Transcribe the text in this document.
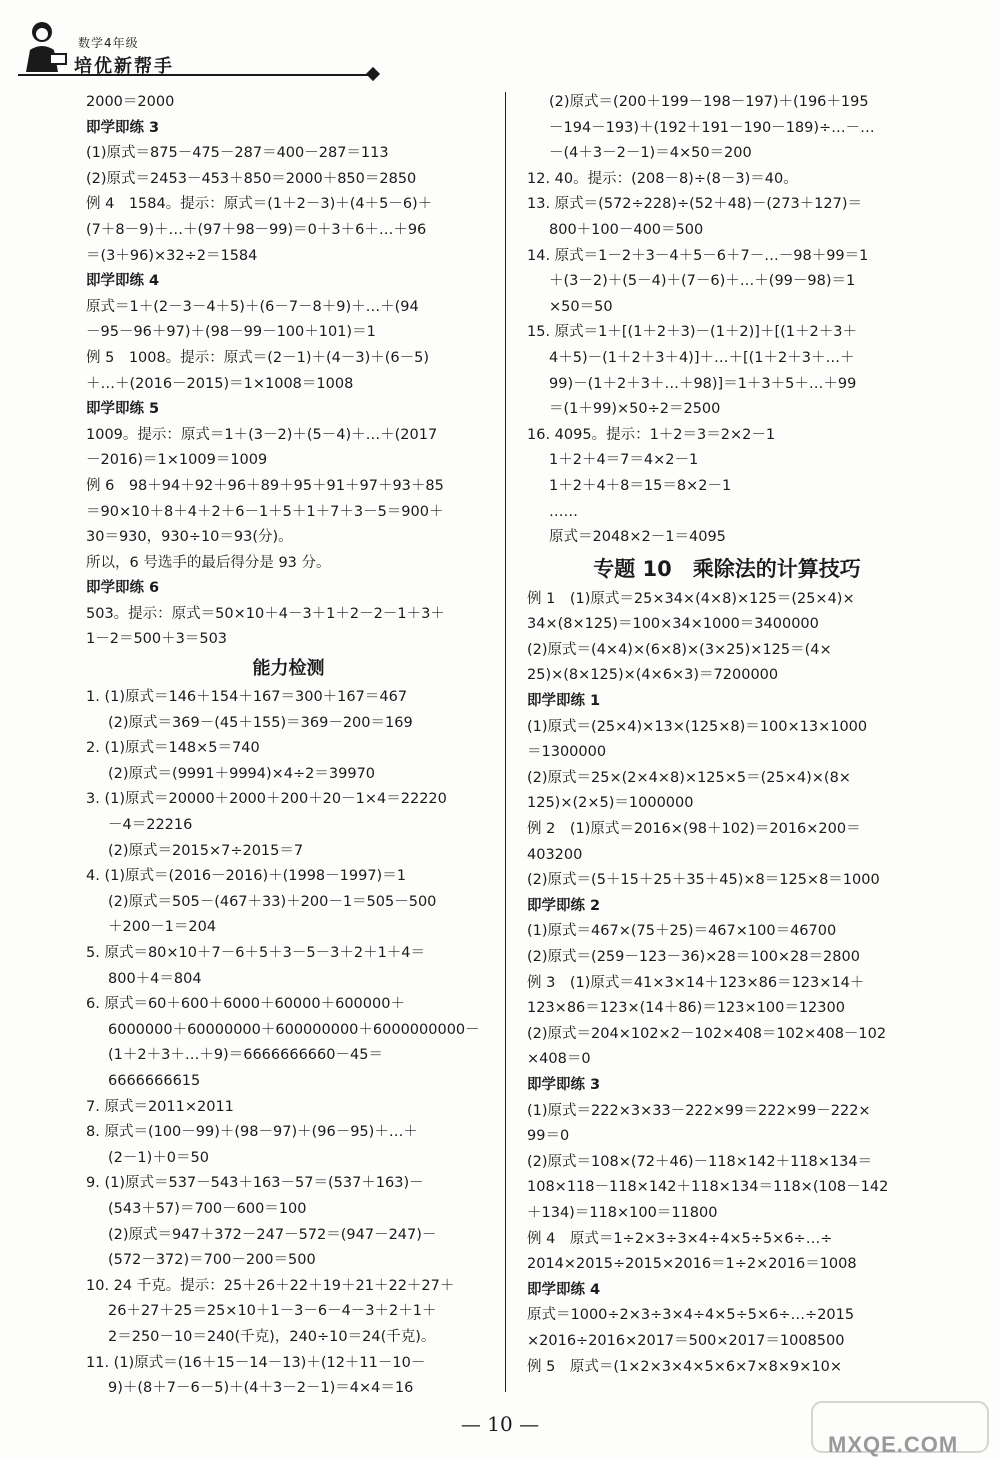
数学4年级
培优新帮手
2000＝2000
即学即练 3
(1)原式＝875－475－287＝400－287＝113
(2)原式＝2453－453＋850＝2000＋850＝2850
例 4　1584。提示：原式＝(1＋2－3)＋(4＋5－6)＋
(7＋8－9)＋…＋(97＋98－99)＝0＋3＋6＋…＋96
＝(3＋96)×32÷2＝1584
即学即练 4
原式＝1＋(2－3－4＋5)＋(6－7－8＋9)＋…＋(94
－95－96＋97)＋(98－99－100＋101)＝1
例 5　1008。提示：原式＝(2－1)＋(4－3)＋(6－5)
＋…＋(2016－2015)＝1×1008＝1008
即学即练 5
1009。提示：原式＝1＋(3－2)＋(5－4)＋…＋(2017
－2016)＝1×1009＝1009
例 6　98＋94＋92＋96＋89＋95＋91＋97＋93＋85
＝90×10＋8＋4＋2＋6－1＋5＋1＋7＋3－5＝900＋
30＝930，930÷10＝93(分)。
所以，6 号选手的最后得分是 93 分。
即学即练 6
503。提示：原式＝50×10＋4－3＋1＋2－2－1＋3＋
1－2＝500＋3＝503
能力检测
1. (1)原式＝146＋154＋167＝300＋167＝467
(2)原式＝369－(45＋155)＝369－200＝169
2. (1)原式＝148×5＝740
(2)原式＝(9991＋9994)×4÷2＝39970
3. (1)原式＝20000＋2000＋200＋20－1×4＝22220
－4＝22216
(2)原式＝2015×7÷2015＝7
4. (1)原式＝(2016－2016)＋(1998－1997)＝1
(2)原式＝505－(467＋33)＋200－1＝505－500
＋200－1＝204
5. 原式＝80×10＋7－6＋5＋3－5－3＋2＋1＋4＝
800＋4＝804
6. 原式＝60＋600＋6000＋60000＋600000＋
6000000＋60000000＋600000000＋6000000000－
(1＋2＋3＋…＋9)＝6666666660－45＝
6666666615
7. 原式＝2011×2011
8. 原式＝(100－99)＋(98－97)＋(96－95)＋…＋
(2－1)＋0＝50
9. (1)原式＝537－543＋163－57＝(537＋163)－
(543＋57)＝700－600＝100
(2)原式＝947＋372－247－572＝(947－247)－
(572－372)＝700－200＝500
10. 24 千克。提示：25＋26＋22＋19＋21＋22＋27＋
26＋27＋25＝25×10＋1－3－6－4－3＋2＋1＋
2＝250－10＝240(千克)，240÷10＝24(千克)。
11. (1)原式＝(16＋15－14－13)＋(12＋11－10－
9)＋(8＋7－6－5)＋(4＋3－2－1)＝4×4＝16
(2)原式＝(200＋199－198－197)＋(196＋195
－194－193)＋(192＋191－190－189)÷…－…
－(4＋3－2－1)＝4×50＝200
12. 40。提示：(208－8)÷(8－3)＝40。
13. 原式＝(572÷228)÷(52＋48)－(273＋127)＝
800＋100－400＝500
14. 原式＝1－2＋3－4＋5－6＋7－…－98＋99＝1
＋(3－2)＋(5－4)＋(7－6)＋…＋(99－98)＝1
×50＝50
15. 原式＝1＋[(1＋2＋3)－(1＋2)]＋[(1＋2＋3＋
4＋5)－(1＋2＋3＋4)]＋…＋[(1＋2＋3＋…＋
99)－(1＋2＋3＋…＋98)]＝1＋3＋5＋…＋99
＝(1＋99)×50÷2＝2500
16. 4095。提示：1＋2＝3＝2×2－1
1＋2＋4＝7＝4×2－1
1＋2＋4＋8＝15＝8×2－1
……
原式＝2048×2－1＝4095
专题 10　乘除法的计算技巧
例 1　(1)原式＝25×34×(4×8)×125＝(25×4)×
34×(8×125)＝100×34×1000＝3400000
(2)原式＝(4×4)×(6×8)×(3×25)×125＝(4×
25)×(8×125)×(4×6×3)＝7200000
即学即练 1
(1)原式＝(25×4)×13×(125×8)＝100×13×1000
＝1300000
(2)原式＝25×(2×4×8)×125×5＝(25×4)×(8×
125)×(2×5)＝1000000
例 2　(1)原式＝2016×(98＋102)＝2016×200＝
403200
(2)原式＝(5＋15＋25＋35＋45)×8＝125×8＝1000
即学即练 2
(1)原式＝467×(75＋25)＝467×100＝46700
(2)原式＝(259－123－36)×28＝100×28＝2800
例 3　(1)原式＝41×3×14＋123×86＝123×14＋
123×86＝123×(14＋86)＝123×100＝12300
(2)原式＝204×102×2－102×408＝102×408－102
×408＝0
即学即练 3
(1)原式＝222×3×33－222×99＝222×99－222×
99＝0
(2)原式＝108×(72＋46)－118×142＋118×134＝
108×118－118×142＋118×134＝118×(108－142
＋134)＝118×100＝11800
例 4　原式＝1÷2×3÷3×4÷4×5÷5×6÷…÷
2014×2015÷2015×2016＝1÷2×2016＝1008
即学即练 4
原式＝1000÷2×3÷3×4÷4×5÷5×6÷…÷2015
×2016÷2016×2017＝500×2017＝1008500
例 5　原式＝(1×2×3×4×5×6×7×8×9×10×
— 10 —
MXQE.COM
